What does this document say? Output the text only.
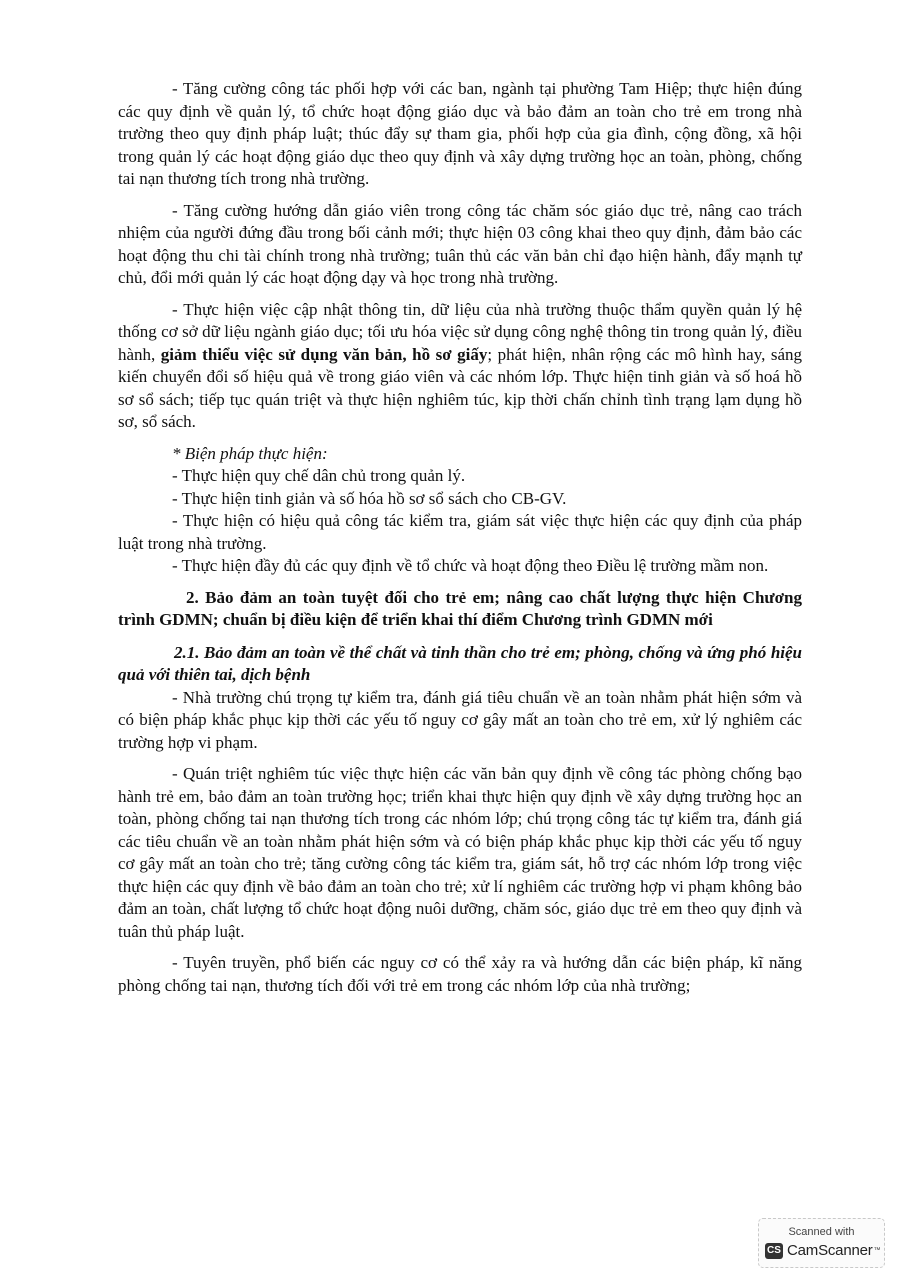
- Tăng cường công tác phối hợp với các ban, ngành tại phường Tam Hiệp; thực hiện đúng các quy định về quản lý, tổ chức hoạt động giáo dục và bảo đảm an toàn cho trẻ em trong nhà trường theo quy định pháp luật; thúc đẩy sự tham gia, phối hợp của gia đình, cộng đồng, xã hội trong quản lý các hoạt động giáo dục theo quy định và xây dựng trường học an toàn, phòng, chống tai nạn thương tích trong nhà trường.

- Tăng cường hướng dẫn giáo viên trong công tác chăm sóc giáo dục trẻ, nâng cao trách nhiệm của người đứng đầu trong bối cảnh mới; thực hiện 03 công khai theo quy định, đảm bảo các hoạt động thu chi tài chính trong nhà trường; tuân thủ các văn bản chỉ đạo hiện hành, đẩy mạnh tự chủ, đổi mới quản lý các hoạt động dạy và học trong nhà trường.

- Thực hiện việc cập nhật thông tin, dữ liệu của nhà trường thuộc thẩm quyền quản lý hệ thống cơ sở dữ liệu ngành giáo dục; tối ưu hóa việc sử dụng công nghệ thông tin trong quản lý, điều hành, giảm thiểu việc sử dụng văn bản, hồ sơ giấy; phát hiện, nhân rộng các mô hình hay, sáng kiến chuyển đổi số hiệu quả về trong giáo viên và các nhóm lớp. Thực hiện tinh giản và số hoá hồ sơ sổ sách; tiếp tục quán triệt và thực hiện nghiêm túc, kịp thời chấn chỉnh tình trạng lạm dụng hồ sơ, sổ sách.

* Biện pháp thực hiện:

- Thực hiện quy chế dân chủ trong quản lý.

- Thực hiện tinh giản và số hóa hồ sơ sổ sách cho CB-GV.

- Thực hiện có hiệu quả công tác kiểm tra, giám sát việc thực hiện các quy định của pháp luật trong nhà trường.

- Thực hiện đầy đủ các quy định về tổ chức và hoạt động theo Điều lệ trường mầm non.

2. Bảo đảm an toàn tuyệt đối cho trẻ em; nâng cao chất lượng thực hiện Chương trình GDMN; chuẩn bị điều kiện để triển khai thí điểm Chương trình GDMN mới

2.1. Bảo đảm an toàn về thể chất và tinh thần cho trẻ em; phòng, chống và ứng phó hiệu quả với thiên tai, dịch bệnh

- Nhà trường chú trọng tự kiểm tra, đánh giá tiêu chuẩn về an toàn nhằm phát hiện sớm và có biện pháp khắc phục kịp thời các yếu tố nguy cơ gây mất an toàn cho trẻ em, xử lý nghiêm các trường hợp vi phạm.

- Quán triệt nghiêm túc việc thực hiện các văn bản quy định về công tác phòng chống bạo hành trẻ em, bảo đảm an toàn trường học; triển khai thực hiện quy định về xây dựng trường học an toàn, phòng chống tai nạn thương tích trong các nhóm lớp; chú trọng công tác tự kiểm tra, đánh giá các tiêu chuẩn về an toàn nhằm phát hiện sớm và có biện pháp khắc phục kịp thời các yếu tố nguy cơ gây mất an toàn cho trẻ; tăng cường công tác kiểm tra, giám sát, hỗ trợ các nhóm lớp trong việc thực hiện các quy định về bảo đảm an toàn cho trẻ; xử lí nghiêm các trường hợp vi phạm không bảo đảm an toàn, chất lượng tổ chức hoạt động nuôi dưỡng, chăm sóc, giáo dục trẻ em theo quy định và tuân thủ pháp luật.

- Tuyên truyền, phổ biến các nguy cơ có thể xảy ra và hướng dẫn các biện pháp, kĩ năng phòng chống tai nạn, thương tích đối với trẻ em trong các nhóm lớp của nhà trường;

Scanned with
CS CamScanner ™
